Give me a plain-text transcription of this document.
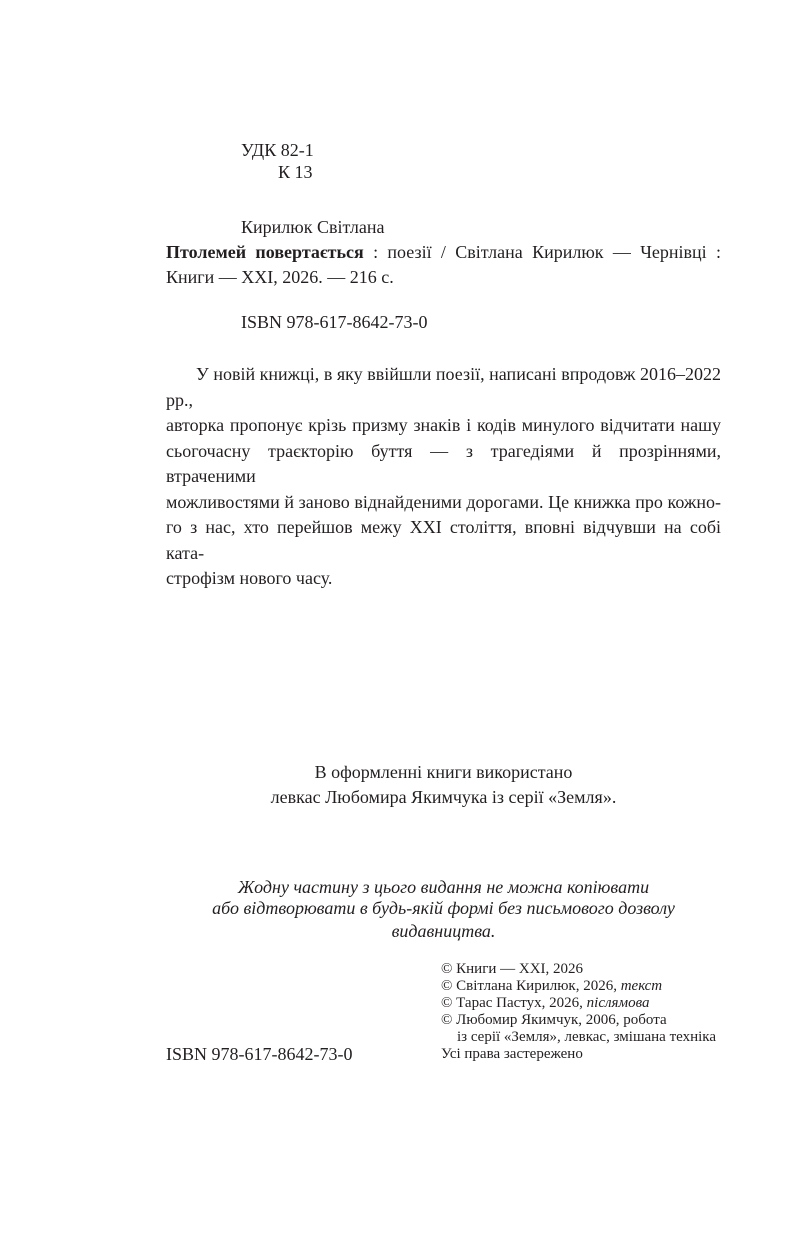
УДК 82-1
К 13
Кирилюк Світлана
Птолемей повертається : поезії / Світлана Кирилюк — Чернівці :
Книги — XXI, 2026. — 216 с.
ISBN 978-617-8642-73-0
У новій книжці, в яку ввійшли поезії, написані впродовж 2016–2022 рр.,
авторка пропонує крізь призму знаків і кодів минулого відчитати нашу
сьогочасну траєкторію буття — з трагедіями й прозріннями, втраченими
можливостями й заново віднайденими дорогами. Це книжка про кожно-
го з нас, хто перейшов межу XXI століття, вповні відчувши на собі ката-
строфізм нового часу.
В оформленні книги використано
левкас Любомира Якимчука із серії «Земля».
Жодну частину з цього видання не можна копіювати
або відтворювати в будь-якій формі без письмового дозволу видавництва.
© Книги — XXI, 2026
© Світлана Кирилюк, 2026, текст
© Тарас Пастух, 2026, післямова
© Любомир Якимчук, 2006, робота
із серії «Земля», левкас, змішана техніка
Усі права застережено
ISBN 978-617-8642-73-0
